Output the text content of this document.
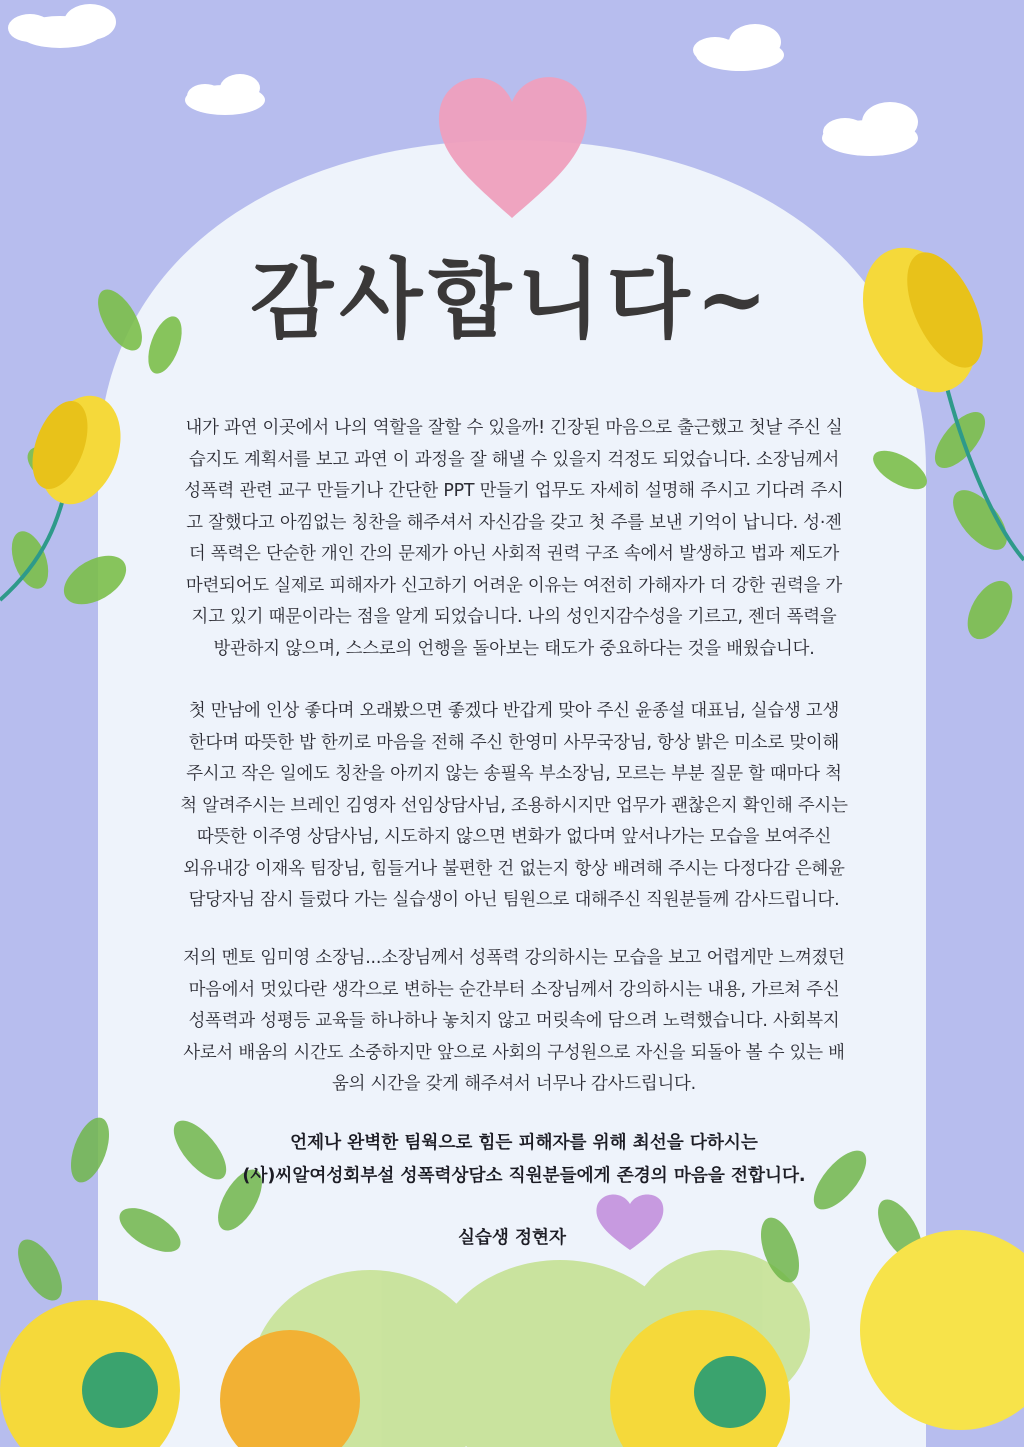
감사합니다~
내가 과연 이곳에서 나의 역할을 잘할 수 있을까! 긴장된 마음으로 출근했고 첫날 주신 실
습지도 계획서를 보고 과연 이 과정을 잘 해낼 수 있을지 걱정도 되었습니다. 소장님께서
성폭력 관련 교구 만들기나 간단한 PPT 만들기 업무도 자세히 설명해 주시고 기다려 주시
고 잘했다고 아낌없는 칭찬을 해주셔서 자신감을 갖고 첫 주를 보낸 기억이 납니다. 성·젠
더 폭력은 단순한 개인 간의 문제가 아닌 사회적 권력 구조 속에서 발생하고 법과 제도가
마련되어도 실제로 피해자가 신고하기 어려운 이유는 여전히 가해자가 더 강한 권력을 가
지고 있기 때문이라는 점을 알게 되었습니다. 나의 성인지감수성을 기르고, 젠더 폭력을
방관하지 않으며, 스스로의 언행을 돌아보는 태도가 중요하다는 것을 배웠습니다.
첫 만남에 인상 좋다며 오래봤으면 좋겠다 반갑게 맞아 주신 윤종설 대표님, 실습생 고생
한다며 따뜻한 밥 한끼로 마음을 전해 주신 한영미 사무국장님, 항상 밝은 미소로 맞이해
주시고 작은 일에도 칭찬을 아끼지 않는 송필옥 부소장님, 모르는 부분 질문 할 때마다 척
척 알려주시는 브레인 김영자 선임상담사님, 조용하시지만 업무가 괜찮은지 확인해 주시는
따뜻한 이주영 상담사님, 시도하지 않으면 변화가 없다며 앞서나가는 모습을 보여주신
외유내강 이재옥 팀장님, 힘들거나 불편한 건 없는지 항상 배려해 주시는 다정다감 은혜윤
담당자님 잠시 들렀다 가는 실습생이 아닌 팀원으로 대해주신 직원분들께 감사드립니다.
저의 멘토 임미영 소장님...소장님께서 성폭력 강의하시는 모습을 보고 어렵게만 느껴졌던
마음에서 멋있다란 생각으로 변하는 순간부터 소장님께서 강의하시는 내용, 가르쳐 주신
성폭력과 성평등 교육들 하나하나 놓치지 않고 머릿속에 담으려 노력했습니다. 사회복지
사로서 배움의 시간도 소중하지만 앞으로 사회의 구성원으로 자신을 되돌아 볼 수 있는 배
움의 시간을 갖게 해주셔서 너무나 감사드립니다.
언제나 완벽한 팀웍으로 힘든 피해자를 위해 최선을 다하시는
(사)씨알여성회부설 성폭력상담소 직원분들에게 존경의 마음을 전합니다.
실습생 정현자
